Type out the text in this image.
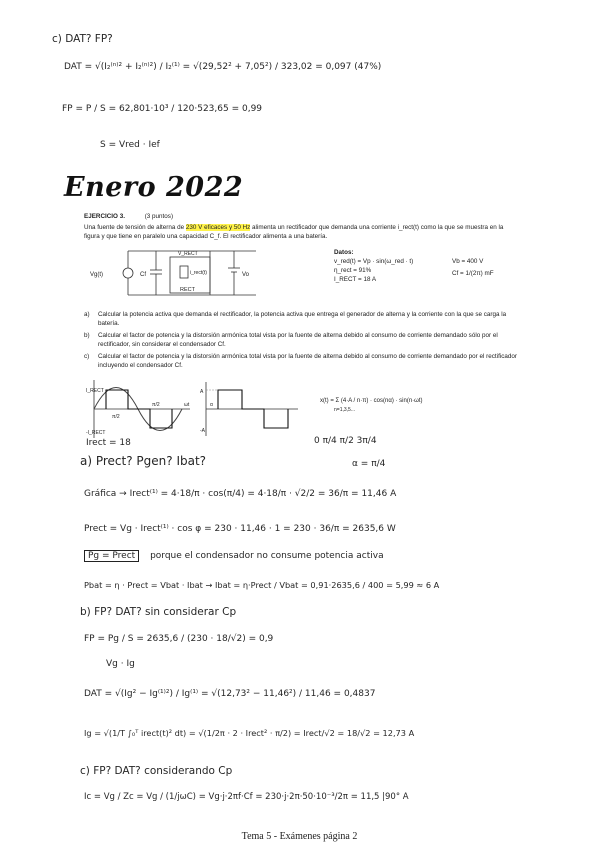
c) DAT? FP?
DAT = √(I₂⁽ⁿ⁾² + I₂⁽ⁿ⁾²) / I₂⁽¹⁾ = √(29,52² + 7,05²) / 323,02 = 0,097 (47%)
FP = P / S = 62,801·10³ / 120·523,65 = 0,99
S = Vred · Ief
Enero 2022
EJERCICIO 3.	(3 puntos)
Una fuente de tensión de alterna de 230 V eficaces y 50 Hz alimenta un rectificador que demanda una corriente i_rect(t) como la que se muestra en la figura y que tiene en paralelo una capacidad C_f. El rectificador alimenta a una batería.
Vg(t)	Cf	i_rect(t)
V_RECT
RECT
Vo
Datos:
v_red(t) = Vp · sin(ω_red · t)
η_rect = 91%
I_RECT = 18 A
Vb = 400 V
Cf = 1/(2π) mF
a) Calcular la potencia activa que demanda el rectificador, la potencia activa que entrega el generador de alterna y la corriente con la que se carga la batería.
b) Calcular el factor de potencia y la distorsión armónica total vista por la fuente de alterna debido al consumo de corriente demandado sólo por el rectificador, sin considerar el condensador Cf.
c) Calcular el factor de potencia y la distorsión armónica total vista por la fuente de alterna debido al consumo de corriente demandado por el rectificador incluyendo el condensador Cf.
I_RECT
-I_RECT
π/2
π/2	ωt
A
-A
α
x(t) = Σ (4·A / n·π) · cos(nα) · sin(n·ωt)
n=1,3,5...
Irect = 18	0 π/4 π/2 3π/4
α = π/4
a) Prect? Pgen? Ibat?
Gráfica → Irect⁽¹⁾ = 4·18/π · cos(π/4) = 4·18/π · √2/2 = 36/π = 11,46 A
Prect = Vg · Irect⁽¹⁾ · cos φ = 230 · 11,46 · 1 = 230 · 36/π = 2635,6 W
Pg = Prect porque el condensador no consume potencia activa
Pbat = η · Prect = Vbat · Ibat → Ibat = η·Prect / Vbat = 0,91·2635,6 / 400 = 5,99 ≈ 6 A
b) FP? DAT? sin considerar Cp
FP = Pg / S = 2635,6 / (230 · 18/√2) = 0,9
Vg · Ig
DAT = √(Ig² − Ig⁽¹⁾²) / Ig⁽¹⁾ = √(12,73² − 11,46²) / 11,46 = 0,4837
Ig = √(1/T ∫₀ᵀ irect(t)² dt) = √(1/2π · 2 · Irect² · π/2) = Irect/√2 = 18/√2 = 12,73 A
c) FP? DAT? considerando Cp
Ic = Vg / Zc = Vg / (1/jωC) = Vg·j·2πf·Cf = 230·j·2π·50·10⁻³/2π = 11,5 |90° A
Tema 5 - Exámenes página 2
